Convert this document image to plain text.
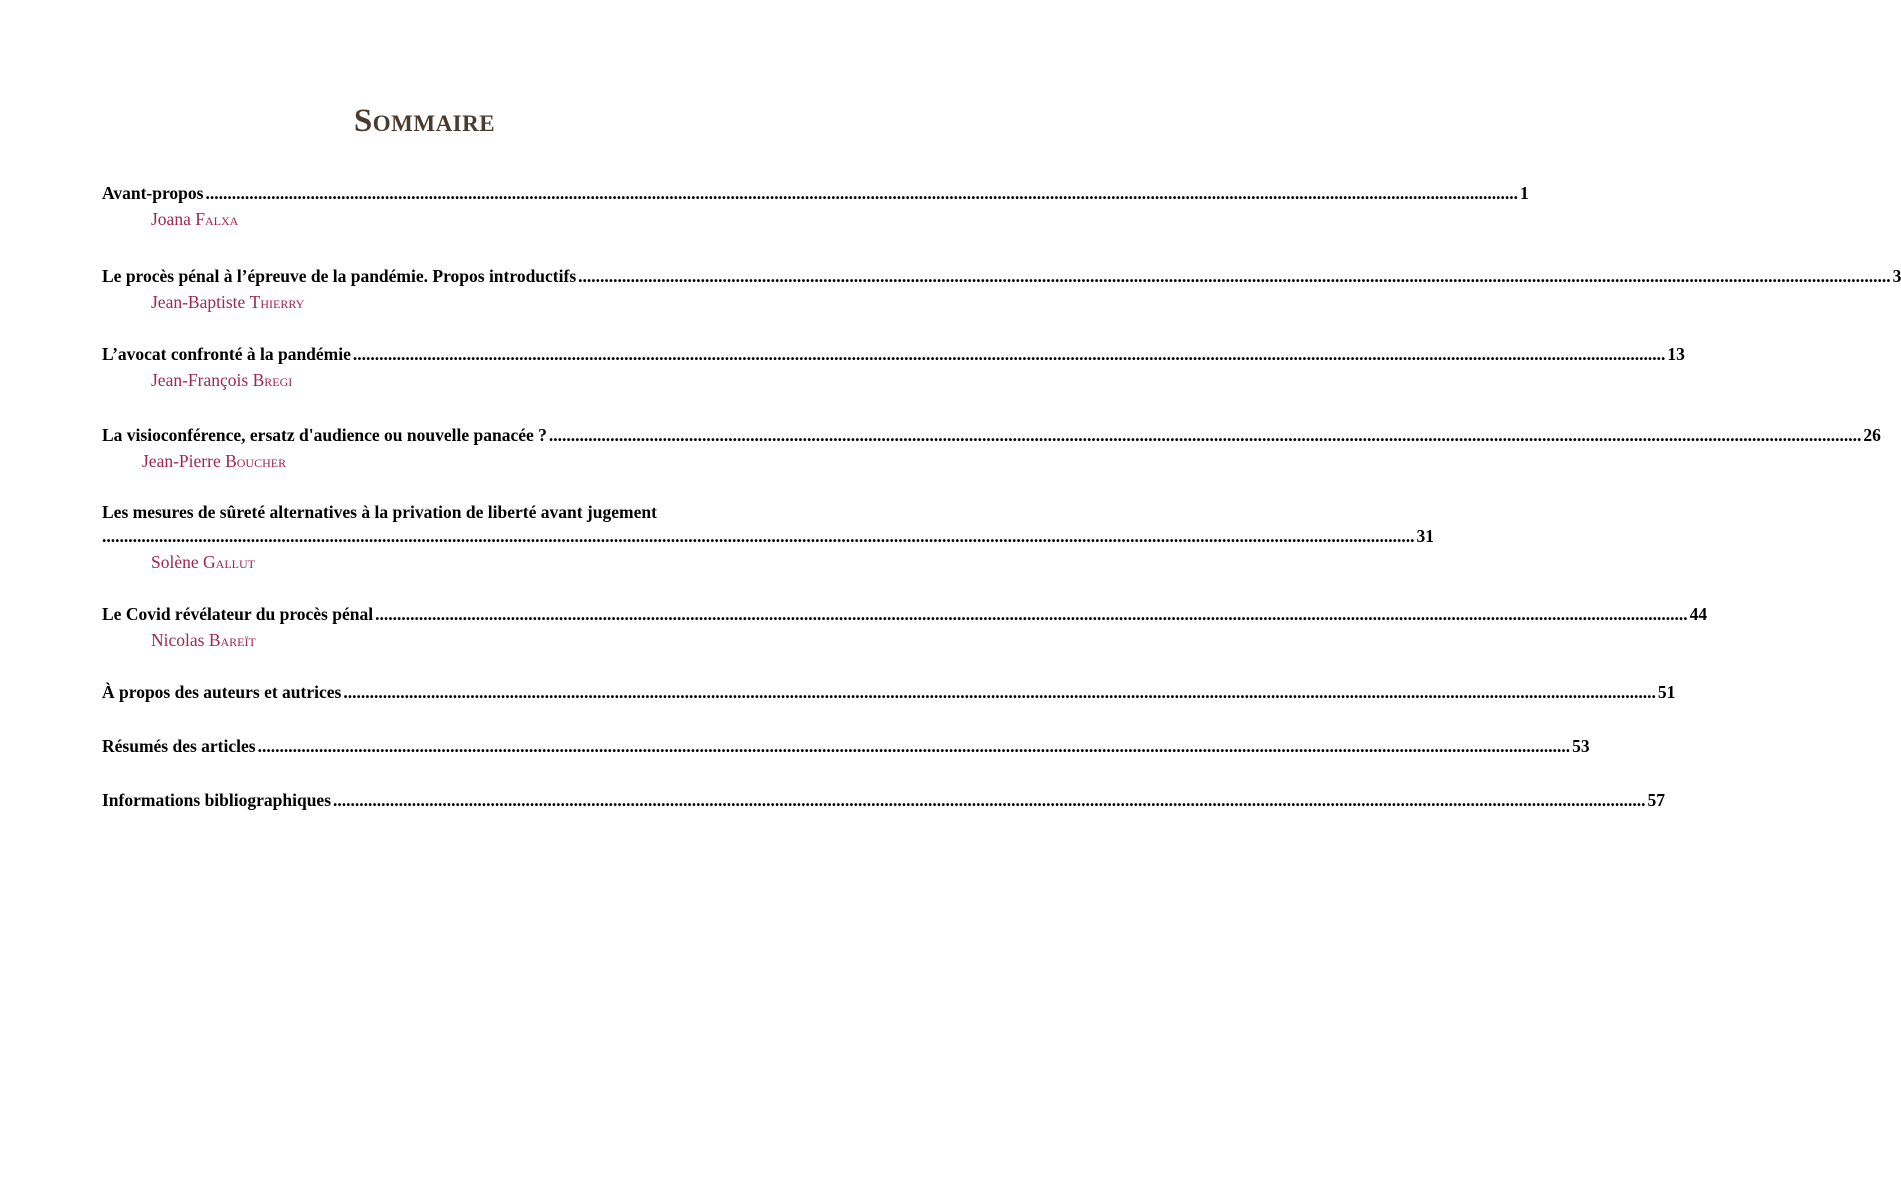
Sommaire
Avant-propos ............................................................................................................................................................................................................................................................................................................ 1
Joana Falxa
Le procès pénal à l’épreuve de la pandémie. Propos introductifs ............................................................................................................................................................................................................................................................................................................ 3
Jean-Baptiste Thierry
L’avocat confronté à la pandémie ............................................................................................................................................................................................................................................................................................................ 13
Jean-François Bregi
La visioconférence, ersatz d'audience ou nouvelle panacée ? ............................................................................................................................................................................................................................................................................................................ 26
Jean-Pierre Boucher
Les mesures de sûreté alternatives à la privation de liberté avant jugement
............................................................................................................................................................................................................................................................................................................ 31
Solène Gallut
Le Covid révélateur du procès pénal ............................................................................................................................................................................................................................................................................................................ 44
Nicolas Bareït
À propos des auteurs et autrices ............................................................................................................................................................................................................................................................................................................ 51
Résumés des articles ............................................................................................................................................................................................................................................................................................................ 53
Informations bibliographiques ............................................................................................................................................................................................................................................................................................................ 57
